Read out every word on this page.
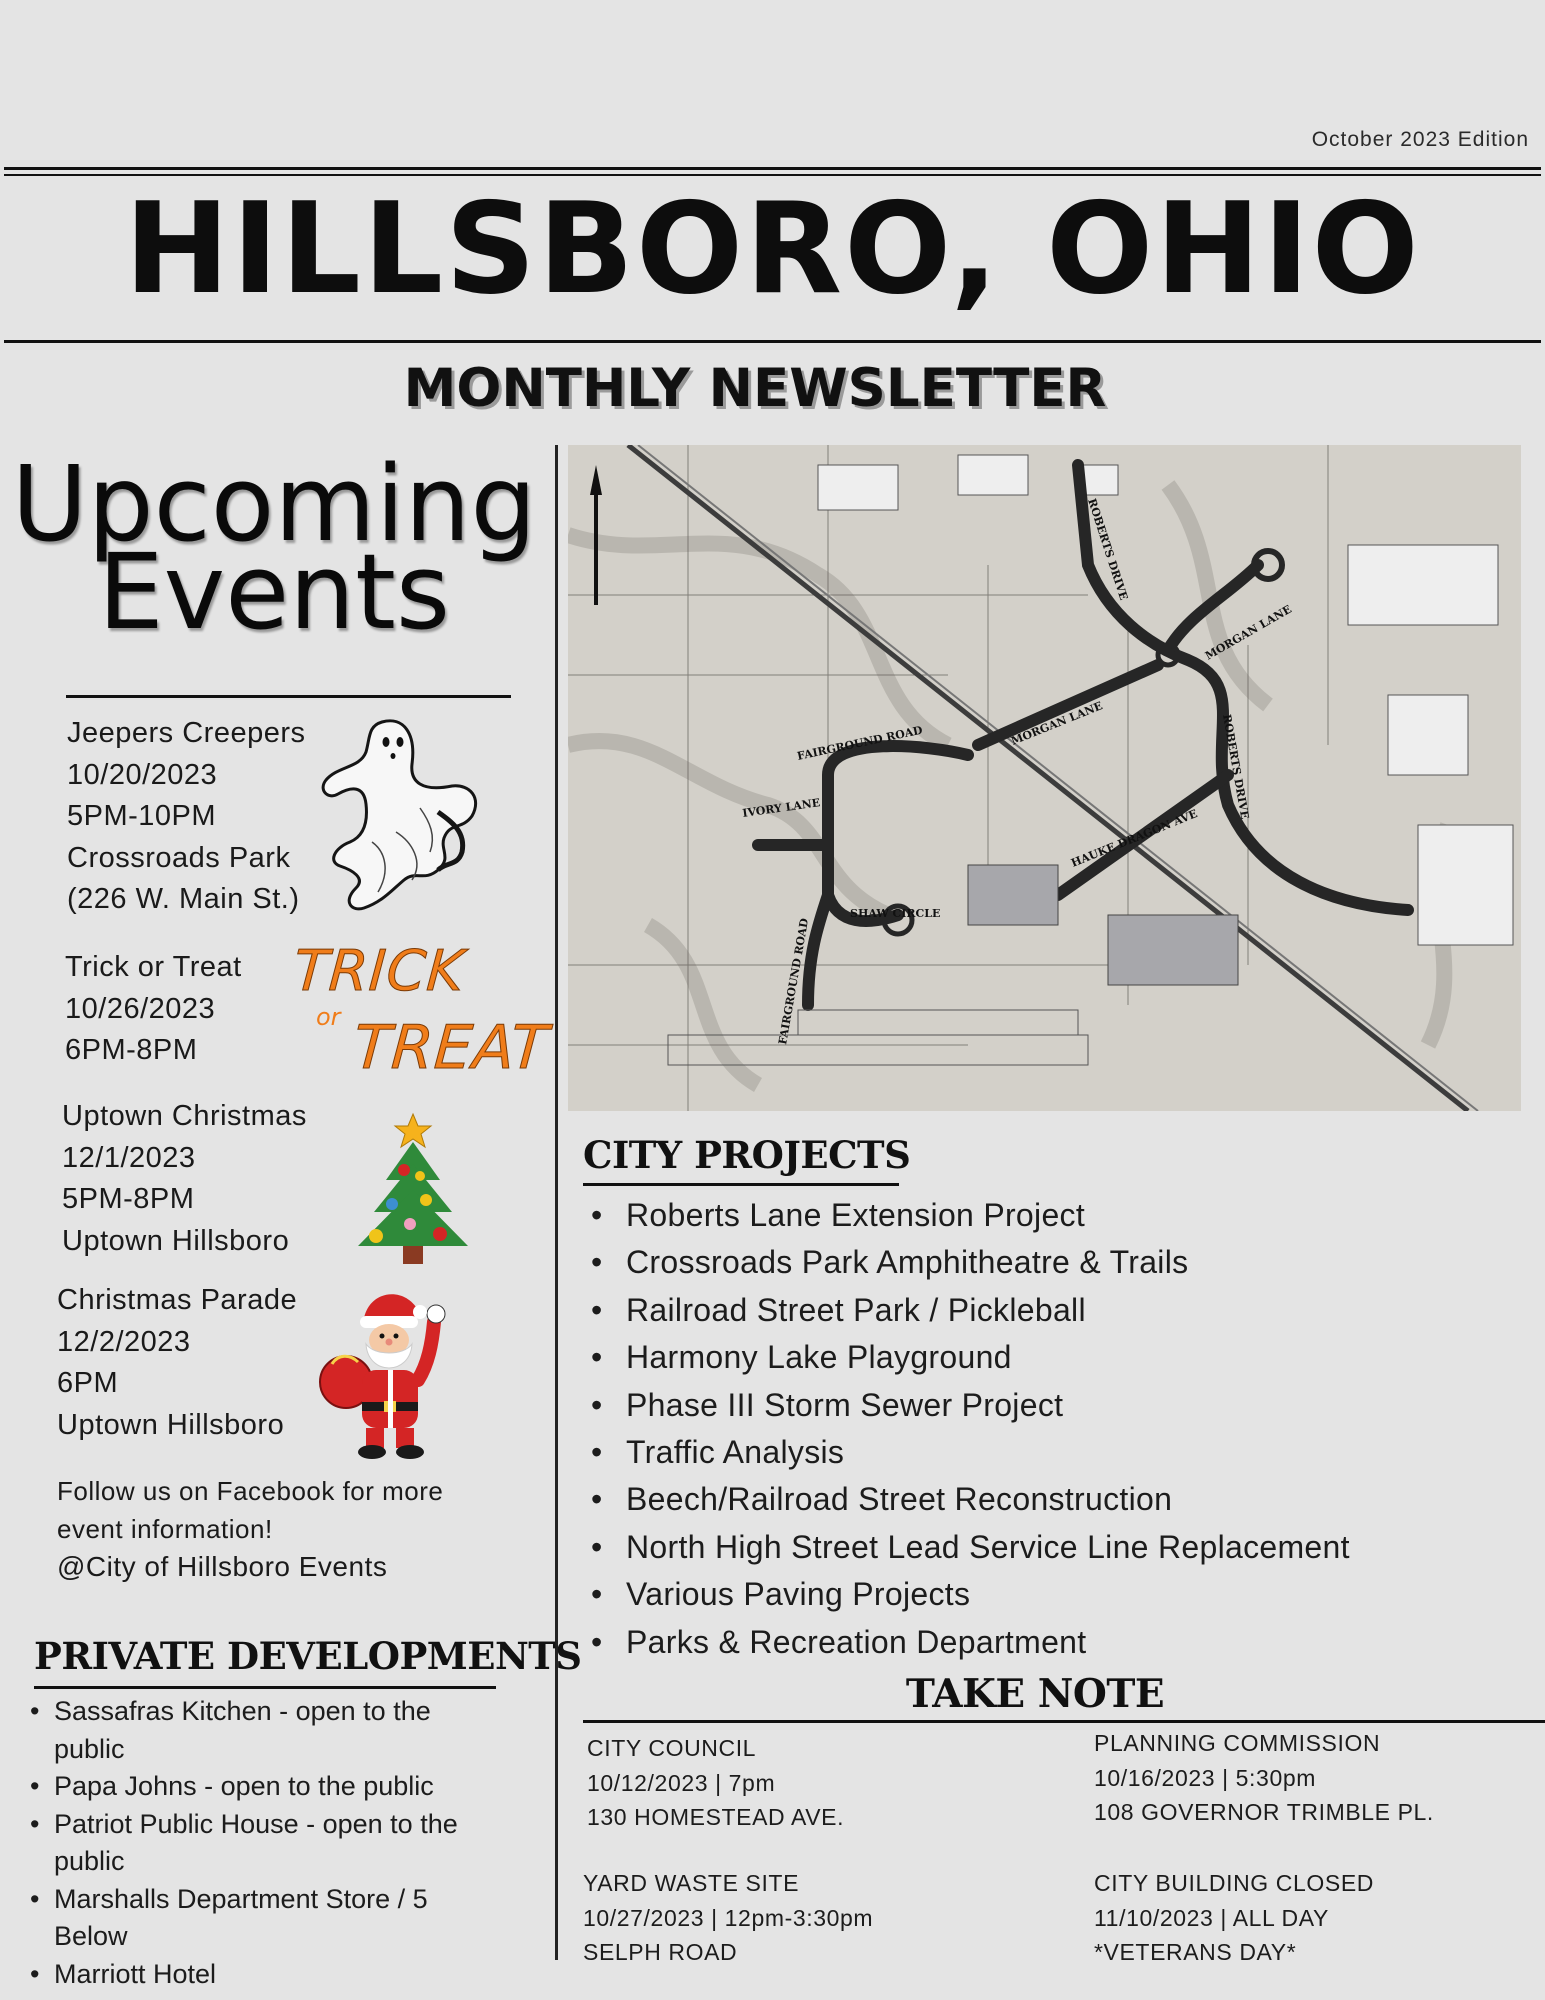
October 2023 Edition
HILLSBORO, OHIO
MONTHLY NEWSLETTER
Upcoming
Events
Jeepers Creepers
10/20/2023
5PM-10PM
Crossroads Park
(226 W. Main St.)
Trick or Treat
10/26/2023
6PM-8PM
TRICK
or TREAT
Uptown Christmas
12/1/2023
5PM-8PM
Uptown Hillsboro
Christmas Parade
12/2/2023
6PM
Uptown Hillsboro
Follow us on Facebook for more
event information!
@City of Hillsboro Events
PRIVATE DEVELOPMENTS
• Sassafras Kitchen - open to the
public
• Papa Johns - open to the public
• Patriot Public House - open to the
public
• Marshalls Department Store / 5
Below
• Marriott Hotel
FAIRGROUND ROAD	MORGAN LANE
ROBERTS DRIVE
IVORY LANE
SHAW CIRCLE
HAUKE DRAGON AVE
FAIRGROUND ROAD
ROBERTS DRIVE
MORGAN LANE
CITY PROJECTS
• Roberts Lane Extension Project
• Crossroads Park Amphitheatre & Trails
• Railroad Street Park / Pickleball
• Harmony Lake Playground
• Phase III Storm Sewer Project
• Traffic Analysis
• Beech/Railroad Street Reconstruction
• North High Street Lead Service Line Replacement
• Various Paving Projects
• Parks & Recreation Department
TAKE NOTE
CITY COUNCIL
10/12/2023 | 7pm
130 HOMESTEAD AVE.
PLANNING COMMISSION
10/16/2023 | 5:30pm
108 GOVERNOR TRIMBLE PL.
YARD WASTE SITE
10/27/2023 | 12pm-3:30pm
SELPH ROAD
CITY BUILDING CLOSED
11/10/2023 | ALL DAY
*VETERANS DAY*
